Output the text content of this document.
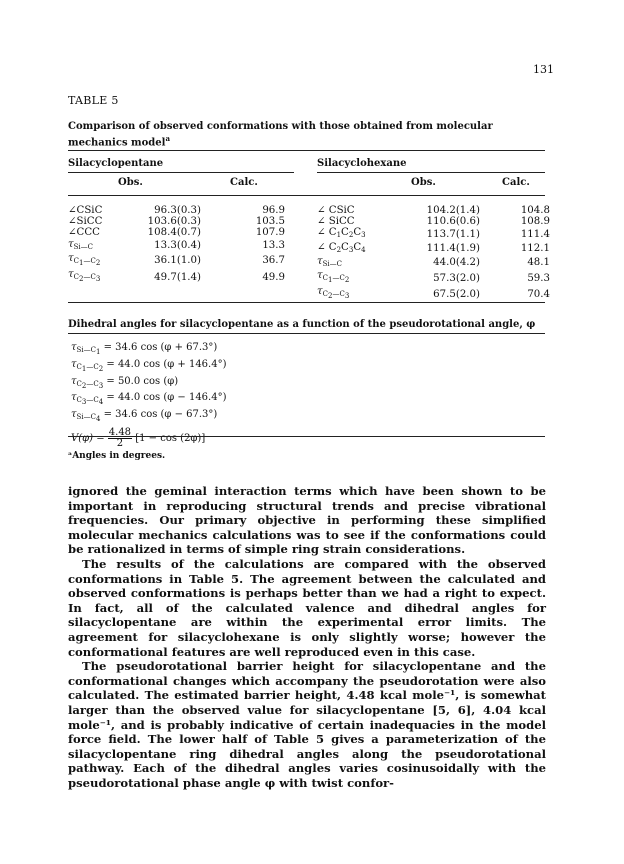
131
TABLE 5
Comparison of observed conformations with those obtained from molecular mechanics model$^a$
Silacyclopentane	Silacyclohexane
Obs.	Calc.	Obs.	Calc.
∠CSiC	96.3(0.3)	96.9
∠SiCC	103.6(0.3)	103.5
∠CCC	108.4(0.7)	107.9
$\tau_{Si—C}$	13.3(0.4)	13.3
$\tau_{C_1—C_2}$	36.1(1.0)	36.7
$\tau_{C_2—C_3}$	49.7(1.4)	49.9
∠ CSiC	104.2(1.4)	104.8
∠ SiCC	110.6(0.6)	108.9
∠ $C_1C_2C_3$	113.7(1.1)	111.4
∠ $C_2C_3C_4$	111.4(1.9)	112.1
$\tau_{Si—C}$	44.0(4.2)	48.1
$\tau_{C_1—C_2}$	57.3(2.0)	59.3
$\tau_{C_2—C_3}$	67.5(2.0)	70.4
Dihedral angles for silacyclopentane as a function of the pseudorotational angle, φ
$\tau_{Si—C_1} = 34.6$ cos (φ + 67.3°)
$\tau_{C_1—C_2} = 44.0$ cos (φ + 146.4°)
$\tau_{C_2—C_3} = 50.0$ cos (φ)
$\tau_{C_3—C_4} = 44.0$ cos (φ − 146.4°)
$\tau_{Si—C_4} = 34.6$ cos (φ − 67.3°)
$V(\varphi) = \frac{4.48}{2} [1 - \cos (2\varphi)]$
ᵃAngles in degrees.

ignored the geminal interaction terms which have been shown to be important in reproducing structural trends and precise vibrational frequencies. Our primary objective in performing these simplified molecular mechanics calculations was to see if the conformations could be rationalized in terms of simple ring strain considerations.

The results of the calculations are compared with the observed conformations in Table 5. The agreement between the calculated and observed conformations is perhaps better than we had a right to expect. In fact, all of the calculated valence and dihedral angles for silacyclopentane are within the experimental error limits. The agreement for silacyclohexane is only slightly worse; however the conformational features are well reproduced even in this case.

The pseudorotational barrier height for silacyclopentane and the conformational changes which accompany the pseudorotation were also calculated. The estimated barrier height, 4.48 kcal mole⁻¹, is somewhat larger than the observed value for silacyclopentane [5, 6], 4.04 kcal mole⁻¹, and is probably indicative of certain inadequacies in the model force field. The lower half of Table 5 gives a parameterization of the silacyclopentane ring dihedral angles along the pseudorotational pathway. Each of the dihedral angles varies cosinusoidally with the pseudorotational phase angle φ with twist confor-
